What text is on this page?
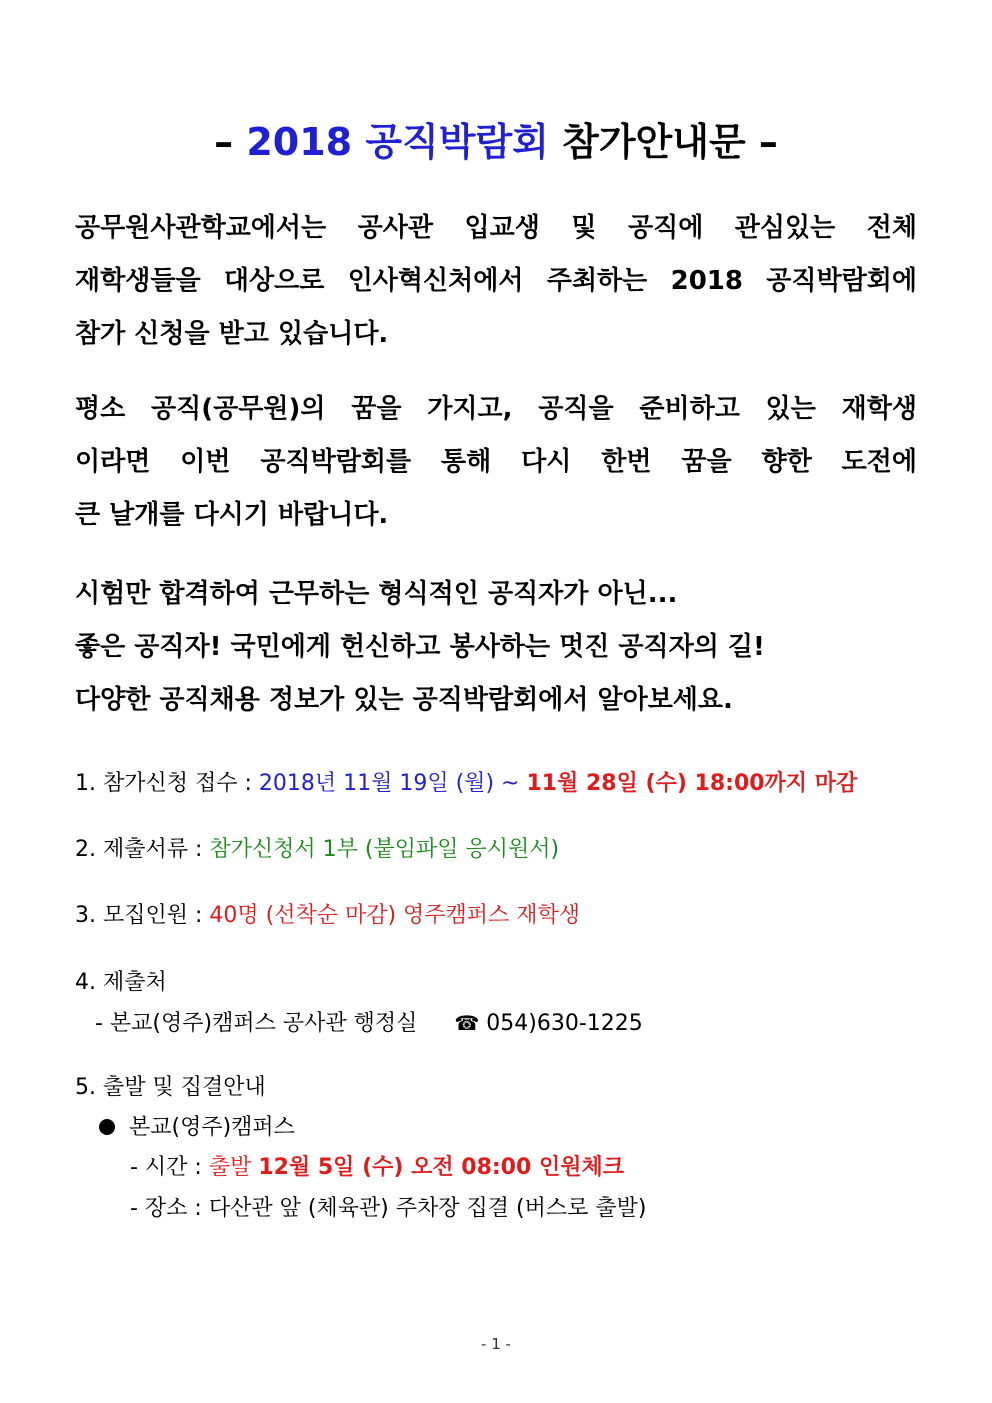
– 2018 공직박람회 참가안내문 –
공무원사관학교에서는 공사관 입교생 및 공직에 관심있는 전체
재학생들을 대상으로 인사혁신처에서 주최하는 2018 공직박람회에
참가 신청을 받고 있습니다.
평소 공직(공무원)의 꿈을 가지고, 공직을 준비하고 있는 재학생
이라면 이번 공직박람회를 통해 다시 한번 꿈을 향한 도전에
큰 날개를 다시기 바랍니다.
시험만 합격하여 근무하는 형식적인 공직자가 아닌...
좋은 공직자! 국민에게 헌신하고 봉사하는 멋진 공직자의 길!
다양한 공직채용 정보가 있는 공직박람회에서 알아보세요.
1. 참가신청 접수 : 2018년 11월 19일 (월) ~ 11월 28일 (수) 18:00까지 마감
2. 제출서류 : 참가신청서 1부 (붙임파일 응시원서)
3. 모집인원 : 40명 (선착순 마감) 영주캠퍼스 재학생
4. 제출처
- 본교(영주)캠퍼스 공사관 행정실 ☎ 054)630-1225
5. 출발 및 집결안내
본교(영주)캠퍼스
- 시간 : 출발 12월 5일 (수) 오전 08:00 인원체크
- 장소 : 다산관 앞 (체육관) 주차장 집결 (버스로 출발)
- 1 -
